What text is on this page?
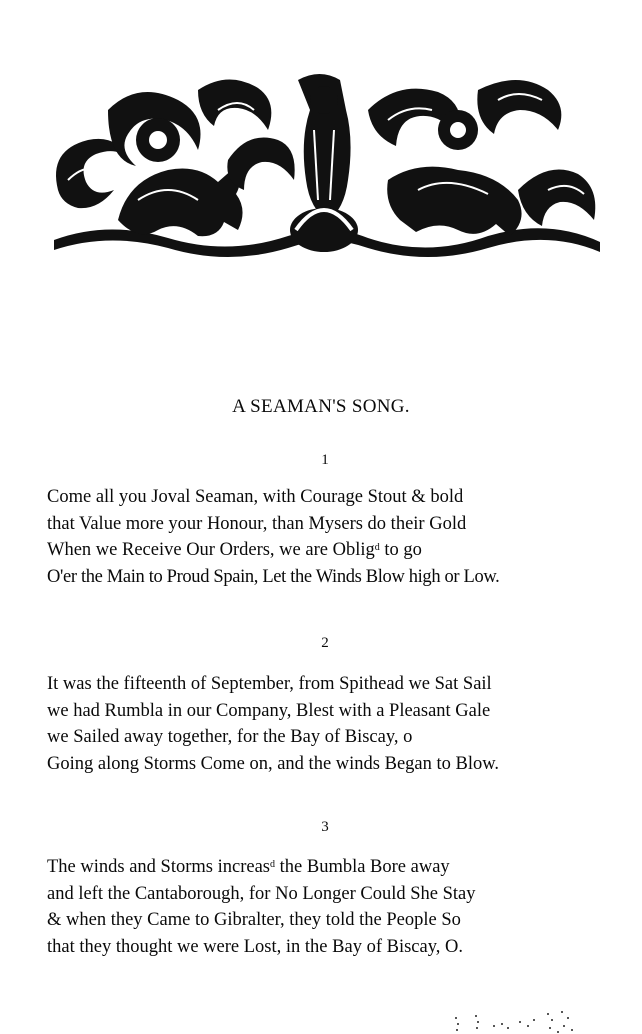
A SEAMAN'S SONG.
1
Come all you Joval Seaman, with Courage Stout & bold
that Value more your Honour, than Mysers do their Gold
When we Receive Our Orders, we are Oblig$^d$ to go
O'er the Main to Proud Spain, Let the Winds Blow high or Low.
2
It was the fifteenth of September, from Spithead we Sat Sail
we had Rumbla in our Company, Blest with a Pleasant Gale
we Sailed away together, for the Bay of Biscay, o
Going along Storms Come on, and the winds Began to Blow.
3
The winds and Storms increas$^d$ the Bumbla Bore away
and left the Cantaborough, for No Longer Could She Stay
& when they Came to Gibralter, they told the People So
that they thought we were Lost, in the Bay of Biscay, O.
